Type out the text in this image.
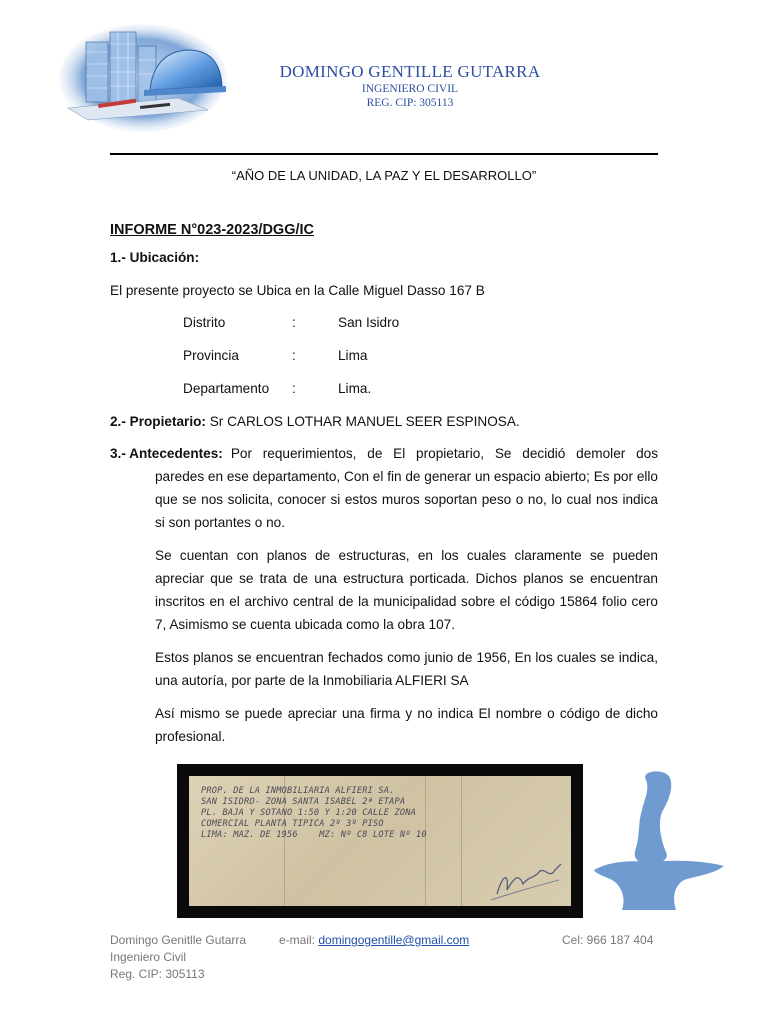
DOMINGO GENTILLE GUTARRA
INGENIERO CIVIL
REG. CIP: 305113
“AÑO DE LA UNIDAD, LA PAZ Y EL DESARROLLO”
INFORME N°023-2023/DGG/IC
1.- Ubicación:
El presente proyecto se Ubica en la Calle Miguel Dasso 167 B
Distrito	:	San Isidro
Provincia	:	Lima
Departamento :	Lima.
2.- Propietario: Sr CARLOS LOTHAR MANUEL SEER ESPINOSA.
3.- Antecedentes: Por requerimientos, de El propietario, Se decidió demoler dos
paredes en ese departamento, Con el fin de generar un espacio abierto; Es por ello que se nos solicita, conocer si estos muros soportan peso o no, lo cual nos indica si son portantes o no.
Se cuentan con planos de estructuras, en los cuales claramente se pueden apreciar que se trata de una estructura porticada. Dichos planos se encuentran inscritos en el archivo central de la municipalidad sobre el código 15864 folio cero 7, Asimismo se cuenta ubicada como la obra 107.
Estos planos se encuentran fechados como junio de 1956, En los cuales se indica, una autoría, por parte de la Inmobiliaria ALFIERI SA
Así mismo se puede apreciar una firma y no indica El nombre o código de dicho profesional.
PROP. DE LA INMOBILIARIA ALFIERI SA.
SAN ISIDRO- ZONA SANTA ISABEL 2ª ETAPA
PL. BAJA Y SOTANO 1:50 Y 1:20 CALLE ZONA
COMERCIAL PLANTA TIPICA 2º 3º PISO
LIMA: MAZ. DE 1956    MZ: Nº C8 LOTE Nº 10
Domingo Genitlle Gutarra
Ingeniero Civil
Reg. CIP: 305113
e-mail: domingogentille@gmail.com	Cel: 966 187 404
